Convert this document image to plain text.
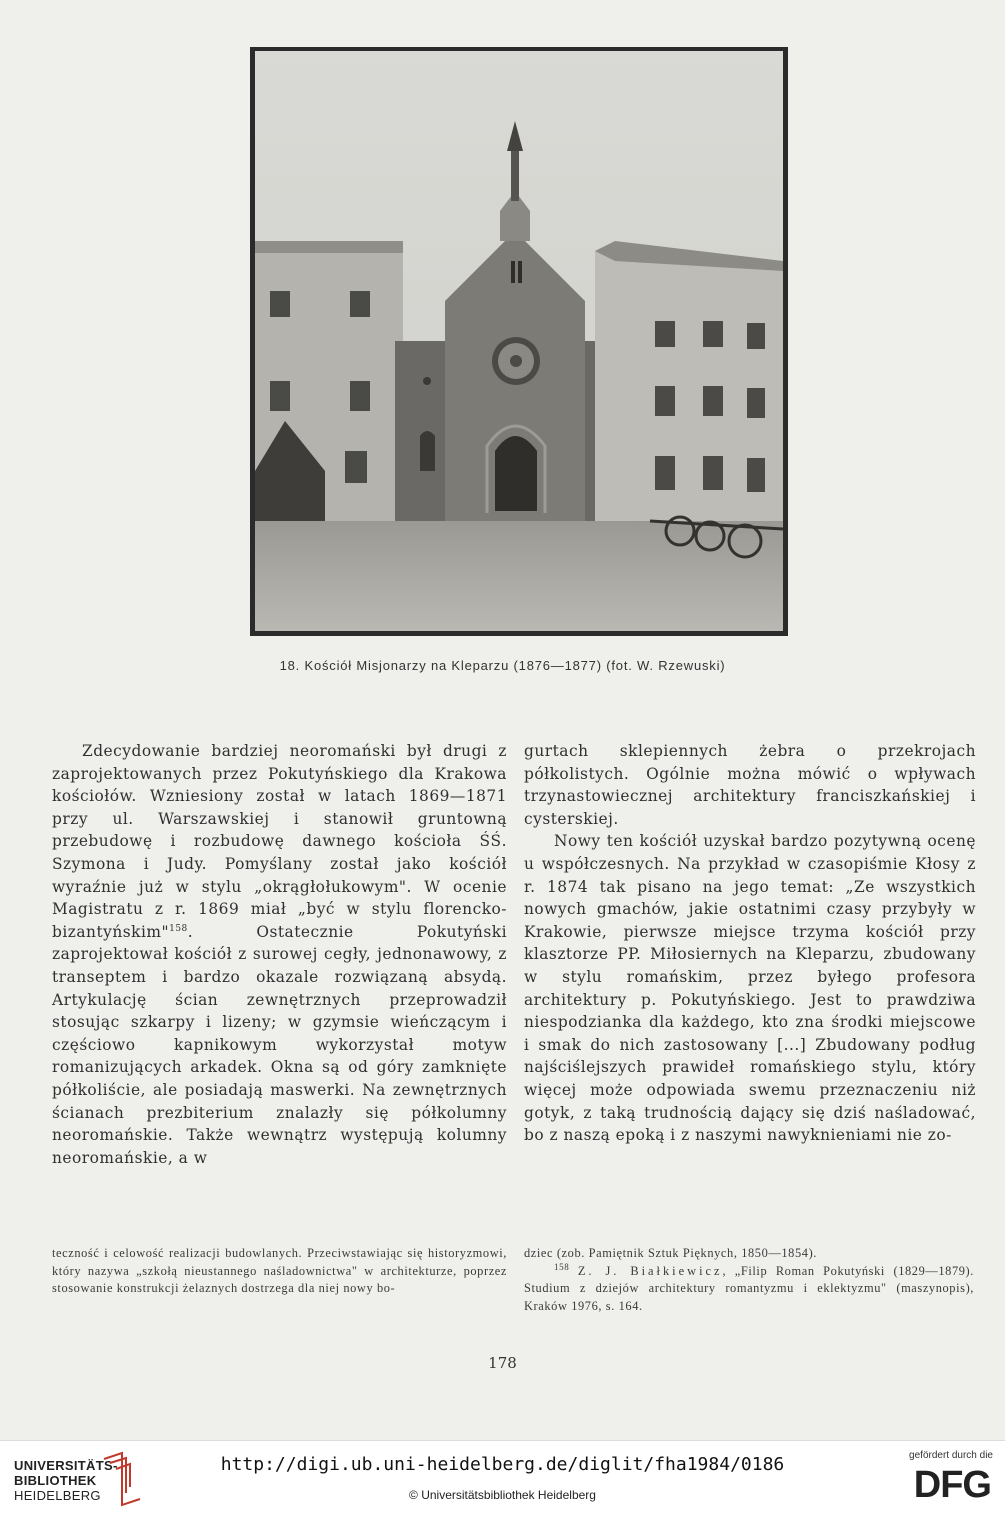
18. Kościół Misjonarzy na Kleparzu (1876—1877) (fot. W. Rzewuski)

Zdecydowanie bardziej neoromański był drugi z zaprojektowanych przez Pokutyńskiego dla Krakowa kościołów. Wzniesiony został w latach 1869—1871 przy ul. Warszawskiej i stanowił gruntowną przebudowę i rozbudowę dawnego kościoła ŚŚ. Szymona i Judy. Pomyślany został jako kościół wyraźnie już w stylu „okrągłołukowym". W ocenie Magistratu z r. 1869 miał „być w stylu florencko-bizantyńskim"$^{158}$. Ostatecznie Pokutyński zaprojektował kościół z surowej cegły, jednonawowy, z transeptem i bardzo okazale rozwiązaną absydą. Artykulację ścian zewnętrznych przeprowadził stosując szkarpy i lizeny; w gzymsie wieńczącym i częściowo kapnikowym wykorzystał motyw romanizujących arkadek. Okna są od góry zamknięte półkoliście, ale posiadają maswerki. Na zewnętrznych ścianach prezbiterium znalazły się półkolumny neoromańskie. Także wewnątrz występują kolumny neoromańskie, a w

gurtach sklepiennych żebra o przekrojach półkolistych. Ogólnie można mówić o wpływach trzynastowiecznej architektury franciszkańskiej i cysterskiej.

Nowy ten kościół uzyskał bardzo pozytywną ocenę u współczesnych. Na przykład w czasopiśmie Kłosy z r. 1874 tak pisano na jego temat: „Ze wszystkich nowych gmachów, jakie ostatnimi czasy przybyły w Krakowie, pierwsze miejsce trzyma kościół przy klasztorze PP. Miłosiernych na Kleparzu, zbudowany w stylu romańskim, przez byłego profesora architektury p. Pokutyńskiego. Jest to prawdziwa niespodzianka dla każdego, kto zna środki miejscowe i smak do nich zastosowany [...] Zbudowany podług najściślejszych prawideł romańskiego stylu, który więcej może odpowiada swemu przeznaczeniu niż gotyk, z taką trudnością dający się dziś naśladować, bo z naszą epoką i z naszymi nawyknieniami nie zo-

teczność i celowość realizacji budowlanych. Przeciwstawiając się historyzmowi, który nazywa „szkołą nieustannego naśladownictwa" w architekturze, poprzez stosowanie konstrukcji żelaznych dostrzega dla niej nowy bo-

dziec (zob. Pamiętnik Sztuk Pięknych, 1850—1854).

$^{158}$ Z. J. Białkiewicz, „Filip Roman Pokutyński (1829—1879). Studium z dziejów architektury romantyzmu i eklektyzmu" (maszynopis), Kraków 1976, s. 164.

178
UNIVERSITÄTS-
BIBLIOTHEK
HEIDELBERG
http://digi.ub.uni-heidelberg.de/diglit/fha1984/0186
© Universitätsbibliothek Heidelberg
gefördert durch die
DFG
